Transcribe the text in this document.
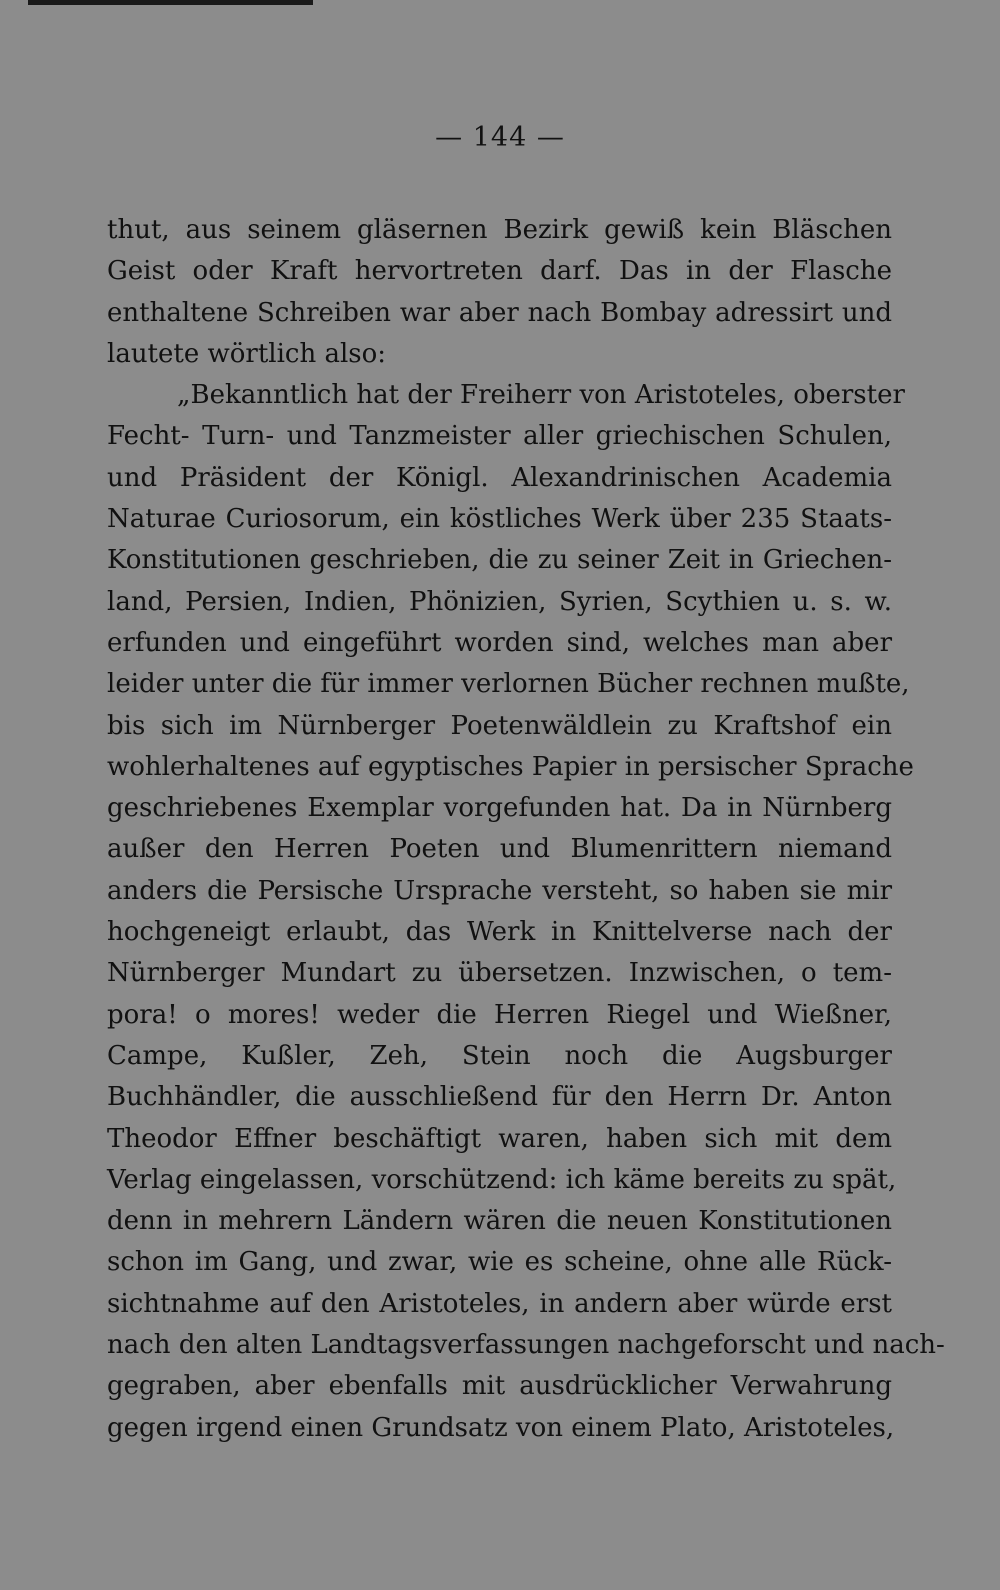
— 144 —
thut, aus seinem gläsernen Bezirk gewiß kein Bläschen
Geist oder Kraft hervortreten darf. Das in der Flasche
enthaltene Schreiben war aber nach Bombay adressirt und
lautete wörtlich also:
„Bekanntlich hat der Freiherr von Aristoteles, oberster
Fecht- Turn- und Tanzmeister aller griechischen Schulen,
und Präsident der Königl. Alexandrinischen Academia
Naturae Curiosorum, ein köstliches Werk über 235 Staats-
Konstitutionen geschrieben, die zu seiner Zeit in Griechen-
land, Persien, Indien, Phönizien, Syrien, Scythien u. s. w.
erfunden und eingeführt worden sind, welches man aber
leider unter die für immer verlornen Bücher rechnen mußte,
bis sich im Nürnberger Poetenwäldlein zu Kraftshof ein
wohlerhaltenes auf egyptisches Papier in persischer Sprache
geschriebenes Exemplar vorgefunden hat. Da in Nürnberg
außer den Herren Poeten und Blumenrittern niemand
anders die Persische Ursprache versteht, so haben sie mir
hochgeneigt erlaubt, das Werk in Knittelverse nach der
Nürnberger Mundart zu übersetzen. Inzwischen, o tem-
pora! o mores! weder die Herren Riegel und Wießner,
Campe, Kußler, Zeh, Stein noch die Augsburger
Buchhändler, die ausschließend für den Herrn Dr. Anton
Theodor Effner beschäftigt waren, haben sich mit dem
Verlag eingelassen, vorschützend: ich käme bereits zu spät,
denn in mehrern Ländern wären die neuen Konstitutionen
schon im Gang, und zwar, wie es scheine, ohne alle Rück-
sichtnahme auf den Aristoteles, in andern aber würde erst
nach den alten Landtagsverfassungen nachgeforscht und nach-
gegraben, aber ebenfalls mit ausdrücklicher Verwahrung
gegen irgend einen Grundsatz von einem Plato, Aristoteles,
